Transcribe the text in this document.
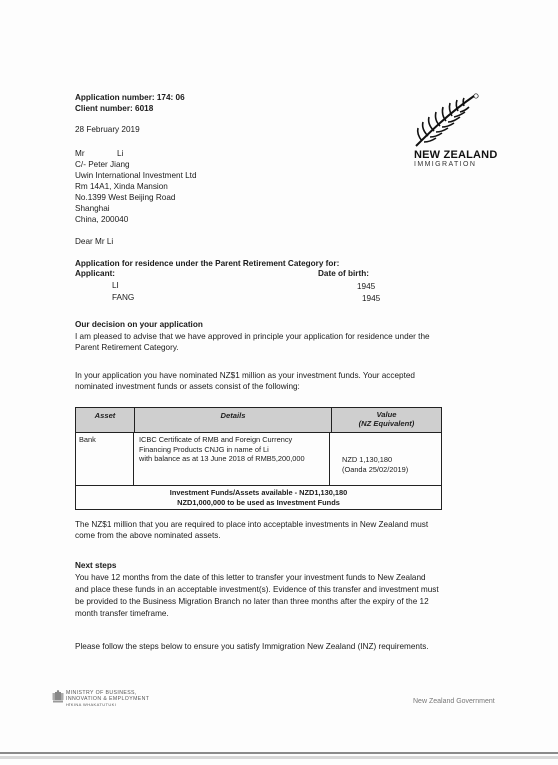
Application number: 174: 06
Client number: 6018
28 February 2019
Mr	Li
C/- Peter Jiang
Uwin International Investment Ltd
Rm 14A1, Xinda Mansion
No.1399 West Beijing Road
Shanghai
China, 200040
Dear Mr Li
NEW ZEALAND
IMMIGRATION
Application for residence under the Parent Retirement Category for:
Applicant:	Date of birth:
LI	1945
FANG	1945
Our decision on your application
I am pleased to advise that we have approved in principle your application for residence under the
Parent Retirement Category.
In your application you have nominated NZ$1 million as your investment funds. Your accepted
nominated investment funds or assets consist of the following:
Asset	Details	Value
(NZ Equivalent)
Bank	ICBC Certificate of RMB and Foreign Currency
Financing Products CNJG in name of Li
with balance as at 13 June 2018 of RMB5,200,000	NZD 1,130,180
(Oanda 25/02/2019)
Investment Funds/Assets available - NZD1,130,180
NZD1,000,000 to be used as Investment Funds
The NZ$1 million that you are required to place into acceptable investments in New Zealand must
come from the above nominated assets.
Next steps
You have 12 months from the date of this letter to transfer your investment funds to New Zealand
and place these funds in an acceptable investment(s). Evidence of this transfer and investment must
be provided to the Business Migration Branch no later than three months after the expiry of the 12
month transfer timeframe.
Please follow the steps below to ensure you satisfy Immigration New Zealand (INZ) requirements.
MINISTRY OF BUSINESS,
INNOVATION & EMPLOYMENT
HĪKINA WHAKATUTUKI	New Zealand Government
